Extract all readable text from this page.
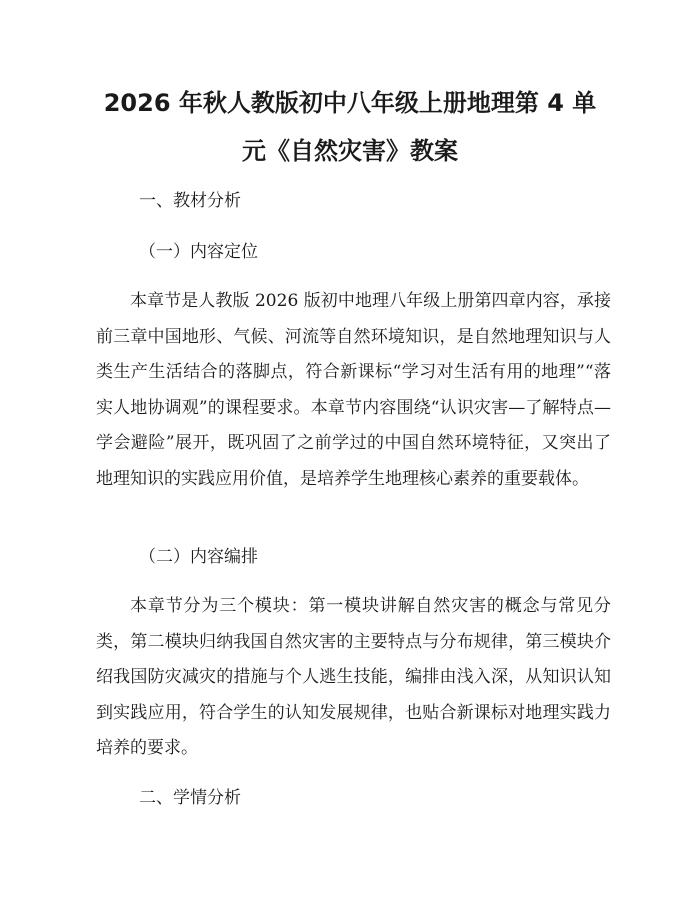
2026 年秋人教版初中八年级上册地理第 4 单
元《自然灾害》教案
一、教材分析
（一）内容定位

本章节是人教版 2026 版初中地理八年级上册第四章内容，承接前三章中国地形、气候、河流等自然环境知识，是自然地理知识与人类生产生活结合的落脚点，符合新课标“学习对生活有用的地理”“落实人地协调观”的课程要求。本章节内容围绕“认识灾害—了解特点—学会避险”展开，既巩固了之前学过的中国自然环境特征，又突出了地理知识的实践应用价值，是培养学生地理核心素养的重要载体。

（二）内容编排

本章节分为三个模块：第一模块讲解自然灾害的概念与常见分类，第二模块归纳我国自然灾害的主要特点与分布规律，第三模块介绍我国防灾减灾的措施与个人逃生技能，编排由浅入深，从知识认知到实践应用，符合学生的认知发展规律，也贴合新课标对地理实践力培养的要求。

二、学情分析
